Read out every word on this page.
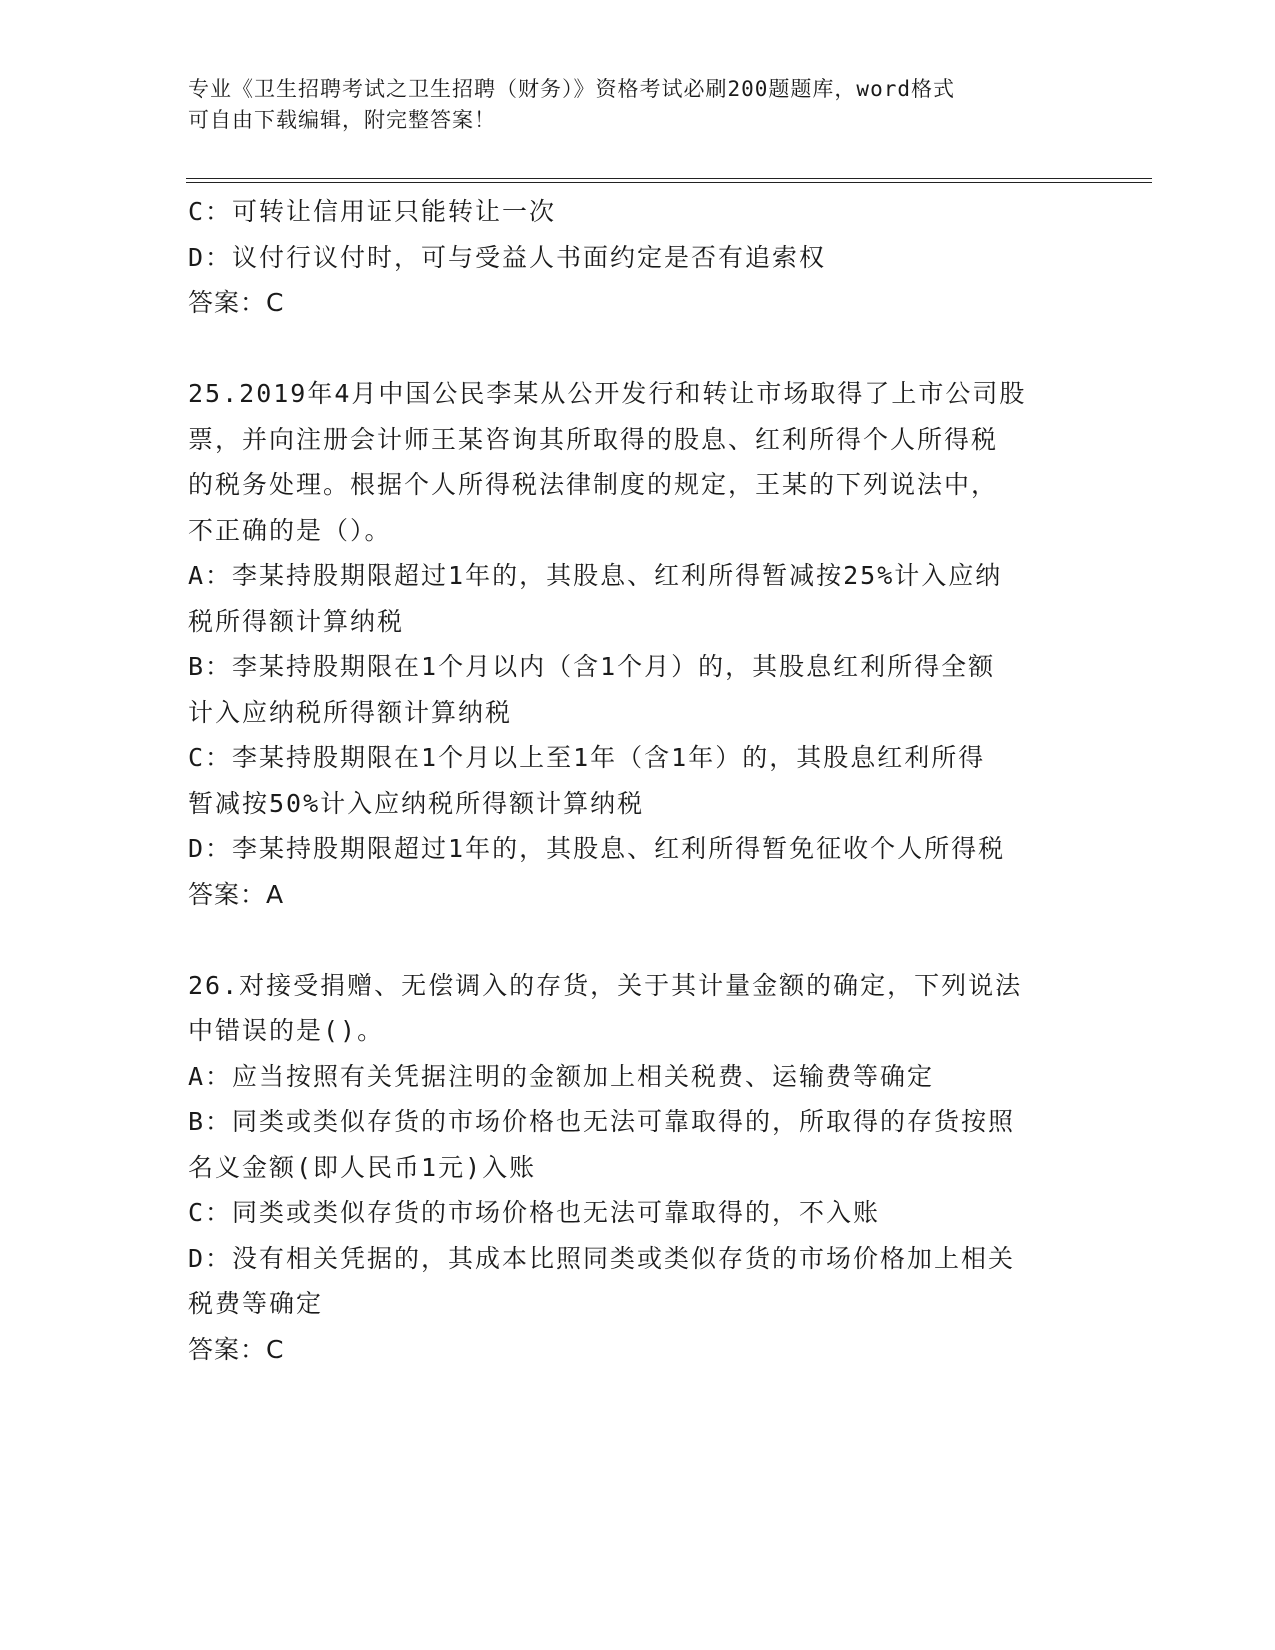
专业《卫生招聘考试之卫生招聘（财务）》资格考试必刷200题题库，word格式
可自由下载编辑，附完整答案！

C：可转让信用证只能转让一次

D：议付行议付时，可与受益人书面约定是否有追索权

答案：C

25.2019年4月中国公民李某从公开发行和转让市场取得了上市公司股

票，并向注册会计师王某咨询其所取得的股息、红利所得个人所得税

的税务处理。根据个人所得税法律制度的规定，王某的下列说法中，

不正确的是（）。

A：李某持股期限超过1年的，其股息、红利所得暂减按25%计入应纳

税所得额计算纳税

B：李某持股期限在1个月以内（含1个月）的，其股息红利所得全额

计入应纳税所得额计算纳税

C：李某持股期限在1个月以上至1年（含1年）的，其股息红利所得

暂减按50%计入应纳税所得额计算纳税

D：李某持股期限超过1年的，其股息、红利所得暂免征收个人所得税

答案：A

26.对接受捐赠、无偿调入的存货，关于其计量金额的确定，下列说法

中错误的是()。

A：应当按照有关凭据注明的金额加上相关税费、运输费等确定

B：同类或类似存货的市场价格也无法可靠取得的，所取得的存货按照

名义金额(即人民币1元)入账

C：同类或类似存货的市场价格也无法可靠取得的，不入账

D：没有相关凭据的，其成本比照同类或类似存货的市场价格加上相关

税费等确定

答案：C
